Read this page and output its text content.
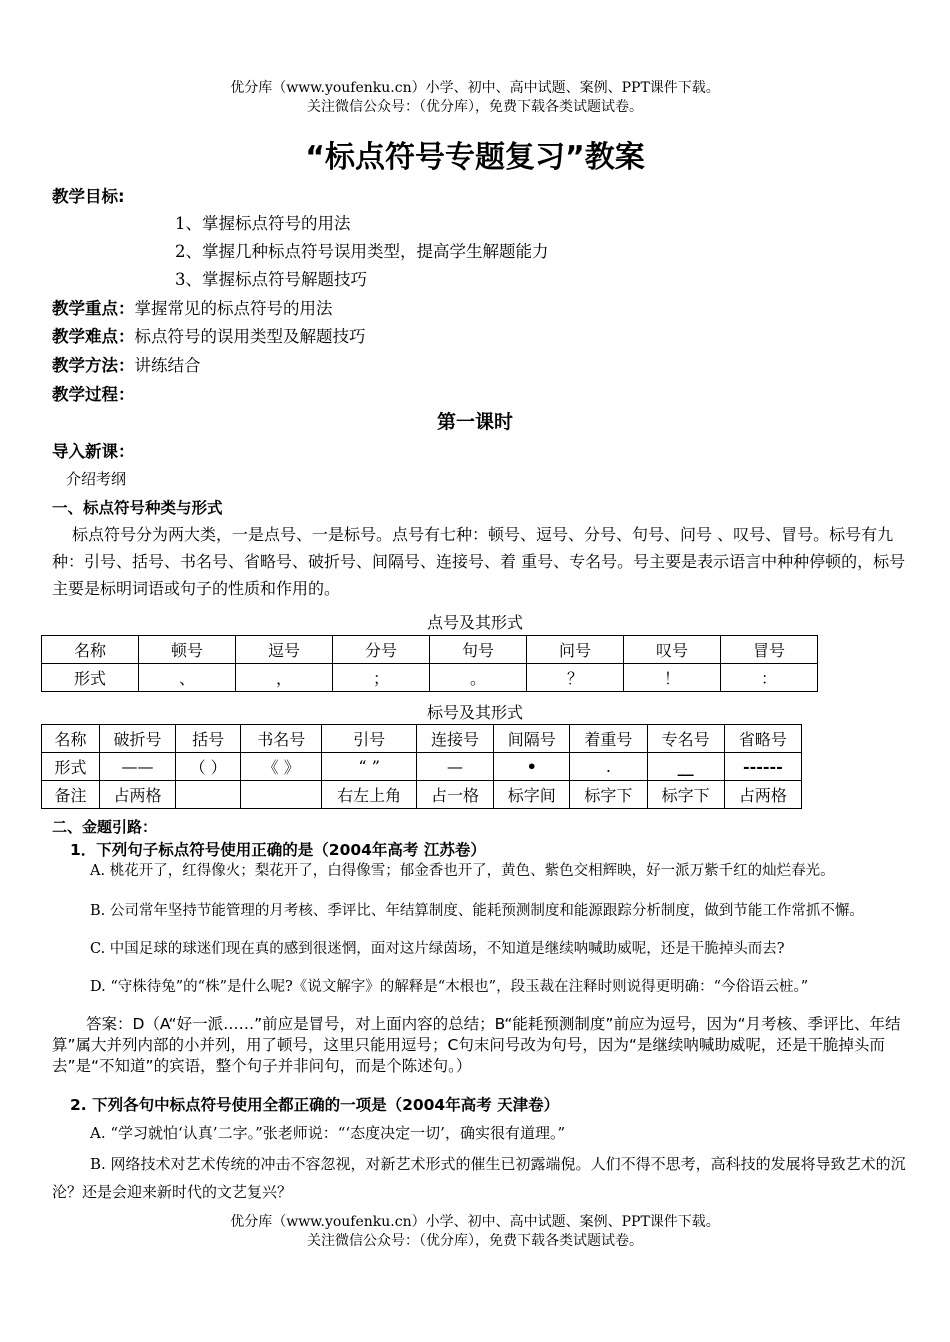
优分库（www.youfenku.cn）小学、初中、高中试题、案例、PPT课件下载。
关注微信公众号：（优分库），免费下载各类试题试卷。
“标点符号专题复习”教案
教学目标:
1、掌握标点符号的用法
2、掌握几种标点符号误用类型，提高学生解题能力
3、掌握标点符号解题技巧
教学重点：掌握常见的标点符号的用法
教学难点：标点符号的误用类型及解题技巧
教学方法：讲练结合
教学过程：
第一课时
导入新课：
介绍考纲
一、标点符号种类与形式
标点符号分为两大类，一是点号、一是标号。点号有七种：顿号、逗号、分号、句号、问号 、叹号、冒号。标号有九种：引号、括号、书名号、省略号、破折号、间隔号、连接号、着 重号、专名号。号主要是表示语言中种种停顿的，标号主要是标明词语或句子的性质和作用的。
点号及其形式
名称	顿号	逗号	分号	句号	问号	叹号	冒号
形式	、	，	；	。	？	！	：
标号及其形式
名称	破折号	括号	书名号	引号	连接号	间隔号	着重号	专名号	省略号
形式	——	（ ）	《 》	“ ”	—	•	.	__	------
备注	占两格			右左上角	占一格	标字间	标字下	标字下	占两格
二、金题引路：
1．下列句子标点符号使用正确的是（2004年高考 江苏卷）
A. 桃花开了，红得像火；梨花开了，白得像雪；郁金香也开了，黄色、紫色交相辉映，好一派万紫千红的灿烂春光。
B. 公司常年坚持节能管理的月考核、季评比、年结算制度、能耗预测制度和能源跟踪分析制度，做到节能工作常抓不懈。
C. 中国足球的球迷们现在真的感到很迷惘，面对这片绿茵场，不知道是继续呐喊助威呢，还是干脆掉头而去?
D. “守株待兔”的“株”是什么呢?《说文解字》的解释是“木根也”，段玉裁在注释时则说得更明确：“今俗语云桩。”
答案：D（A“好一派……”前应是冒号，对上面内容的总结；B“能耗预测制度”前应为逗号，因为“月考核、季评比、年结算”属大并列内部的小并列，用了顿号，这里只能用逗号；C句末问号改为句号，因为“是继续呐喊助威呢，还是干脆掉头而去”是“不知道”的宾语，整个句子并非问句，而是个陈述句。）
2. 下列各句中标点符号使用全都正确的一项是（2004年高考 天津卷）
A. “学习就怕‘认真’二字。”张老师说：“‘态度决定一切’，确实很有道理。”
B. 网络技术对艺术传统的冲击不容忽视，对新艺术形式的催生已初露端倪。人们不得不思考，高科技的发展将导致艺术的沉沦？还是会迎来新时代的文艺复兴？
优分库（www.youfenku.cn）小学、初中、高中试题、案例、PPT课件下载。
关注微信公众号：（优分库），免费下载各类试题试卷。
